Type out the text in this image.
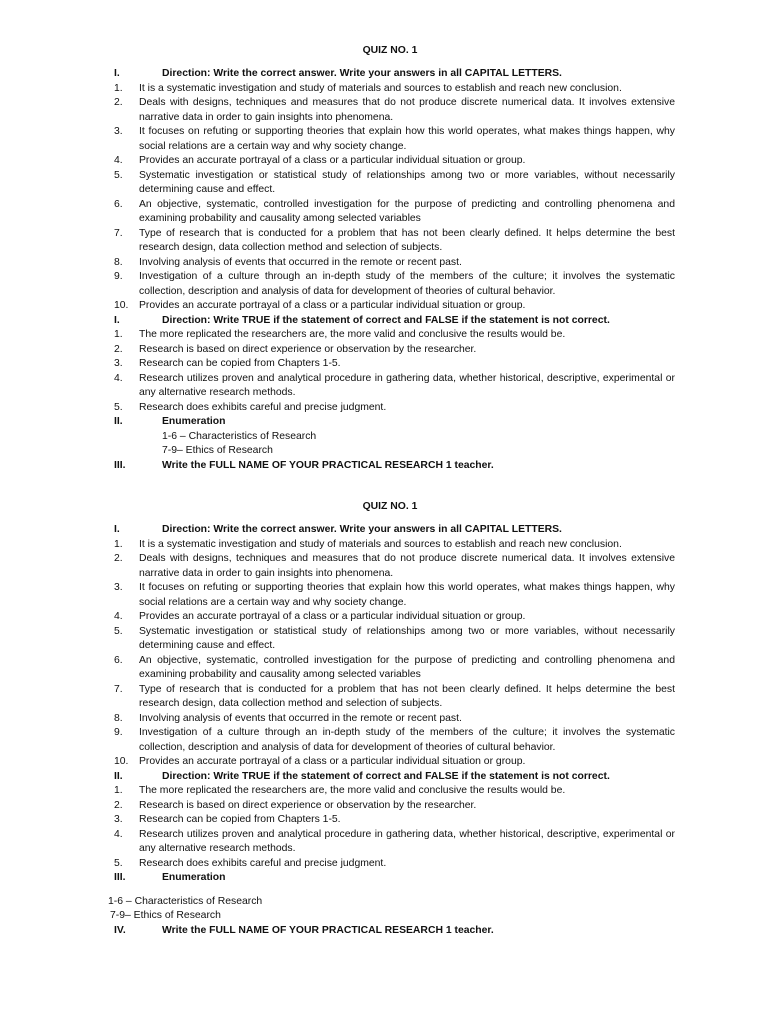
QUIZ NO. 1
I.	Direction: Write the correct answer. Write your answers in all CAPITAL LETTERS.
1. It is a systematic investigation and study of materials and sources to establish and reach new conclusion.
2. Deals with designs, techniques and measures that do not produce discrete numerical data. It involves extensive narrative data in order to gain insights into phenomena.
3. It focuses on refuting or supporting theories that explain how this world operates, what makes things happen, why social relations are a certain way and why society change.
4. Provides an accurate portrayal of a class or a particular individual situation or group.
5. Systematic investigation or statistical study of relationships among two or more variables, without necessarily determining cause and effect.
6. An objective, systematic, controlled investigation for the purpose of predicting and controlling phenomena and examining probability and causality among selected variables
7. Type of research that is conducted for a problem that has not been clearly defined. It helps determine the best research design, data collection method and selection of subjects.
8. Involving analysis of events that occurred in the remote or recent past.
9. Investigation of a culture through an in-depth study of the members of the culture; it involves the systematic collection, description and analysis of data for development of theories of cultural behavior.
10. Provides an accurate portrayal of a class or a particular individual situation or group.
I.	Direction: Write TRUE if the statement of correct and FALSE if the statement is not correct.
1. The more replicated the researchers are, the more valid and conclusive the results would be.
2. Research is based on direct experience or observation by the researcher.
3. Research can be copied from Chapters 1-5.
4. Research utilizes proven and analytical procedure in gathering data, whether historical, descriptive, experimental or any alternative research methods.
5. Research does exhibits careful and precise judgment.
II.	Enumeration
1-6 – Characteristics of Research
7-9– Ethics of Research
III.	Write the FULL NAME OF YOUR PRACTICAL RESEARCH 1 teacher.
QUIZ NO. 1
I.	Direction: Write the correct answer. Write your answers in all CAPITAL LETTERS.
1. It is a systematic investigation and study of materials and sources to establish and reach new conclusion.
2. Deals with designs, techniques and measures that do not produce discrete numerical data. It involves extensive narrative data in order to gain insights into phenomena.
3. It focuses on refuting or supporting theories that explain how this world operates, what makes things happen, why social relations are a certain way and why society change.
4. Provides an accurate portrayal of a class or a particular individual situation or group.
5. Systematic investigation or statistical study of relationships among two or more variables, without necessarily determining cause and effect.
6. An objective, systematic, controlled investigation for the purpose of predicting and controlling phenomena and examining probability and causality among selected variables
7. Type of research that is conducted for a problem that has not been clearly defined. It helps determine the best research design, data collection method and selection of subjects.
8. Involving analysis of events that occurred in the remote or recent past.
9. Investigation of a culture through an in-depth study of the members of the culture; it involves the systematic collection, description and analysis of data for development of theories of cultural behavior.
10. Provides an accurate portrayal of a class or a particular individual situation or group.
II.	Direction: Write TRUE if the statement of correct and FALSE if the statement is not correct.
1. The more replicated the researchers are, the more valid and conclusive the results would be.
2. Research is based on direct experience or observation by the researcher.
3. Research can be copied from Chapters 1-5.
4. Research utilizes proven and analytical procedure in gathering data, whether historical, descriptive, experimental or any alternative research methods.
5. Research does exhibits careful and precise judgment.
III.	Enumeration
1-6 – Characteristics of Research
7-9– Ethics of Research
IV.	Write the FULL NAME OF YOUR PRACTICAL RESEARCH 1 teacher.
